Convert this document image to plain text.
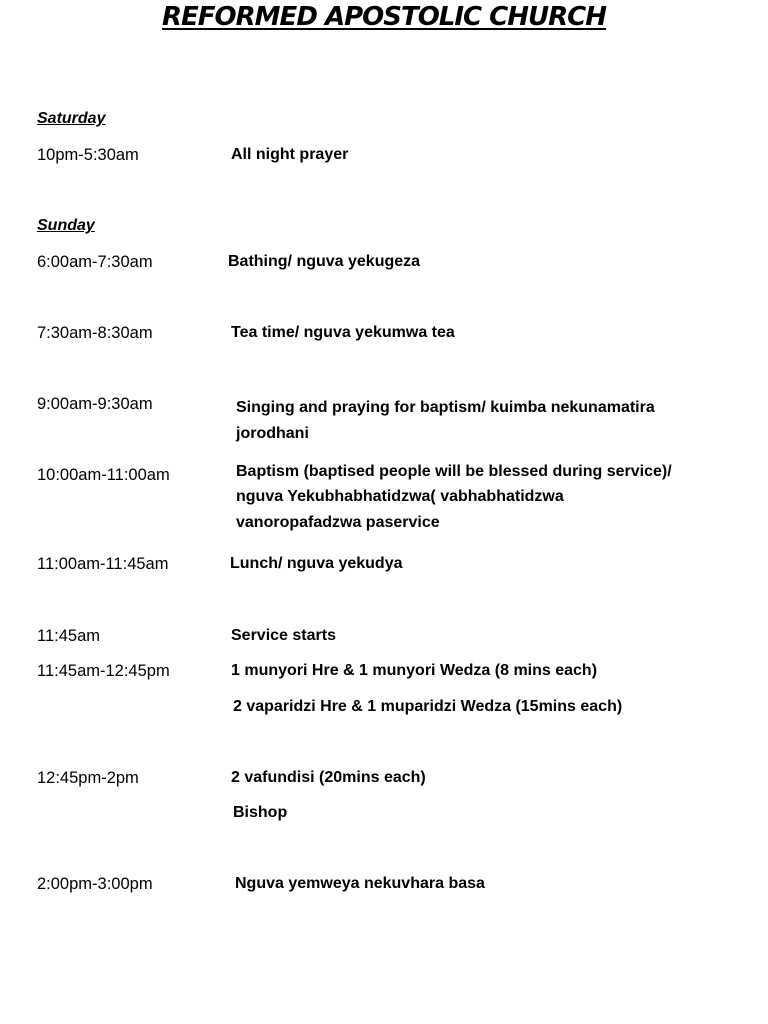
REFORMED APOSTOLIC CHURCH
Saturday
10pm-5:30am	All night prayer
Sunday
6:00am-7:30am	Bathing/ nguva yekugeza
7:30am-8:30am	Tea time/ nguva yekumwa tea
9:00am-9:30am	Singing and praying for baptism/ kuimba nekunamatira
jorodhani
10:00am-11:00am	Baptism (baptised people will be blessed during service)/
nguva Yekubhabhatidzwa( vabhabhatidzwa
vanoropafadzwa paservice
11:00am-11:45am	Lunch/ nguva yekudya
11:45am	Service starts
11:45am-12:45pm	1 munyori Hre & 1 munyori Wedza (8 mins each)
2 vaparidzi Hre & 1 muparidzi Wedza (15mins each)
12:45pm-2pm	2 vafundisi (20mins each)
Bishop
2:00pm-3:00pm	Nguva yemweya nekuvhara basa
